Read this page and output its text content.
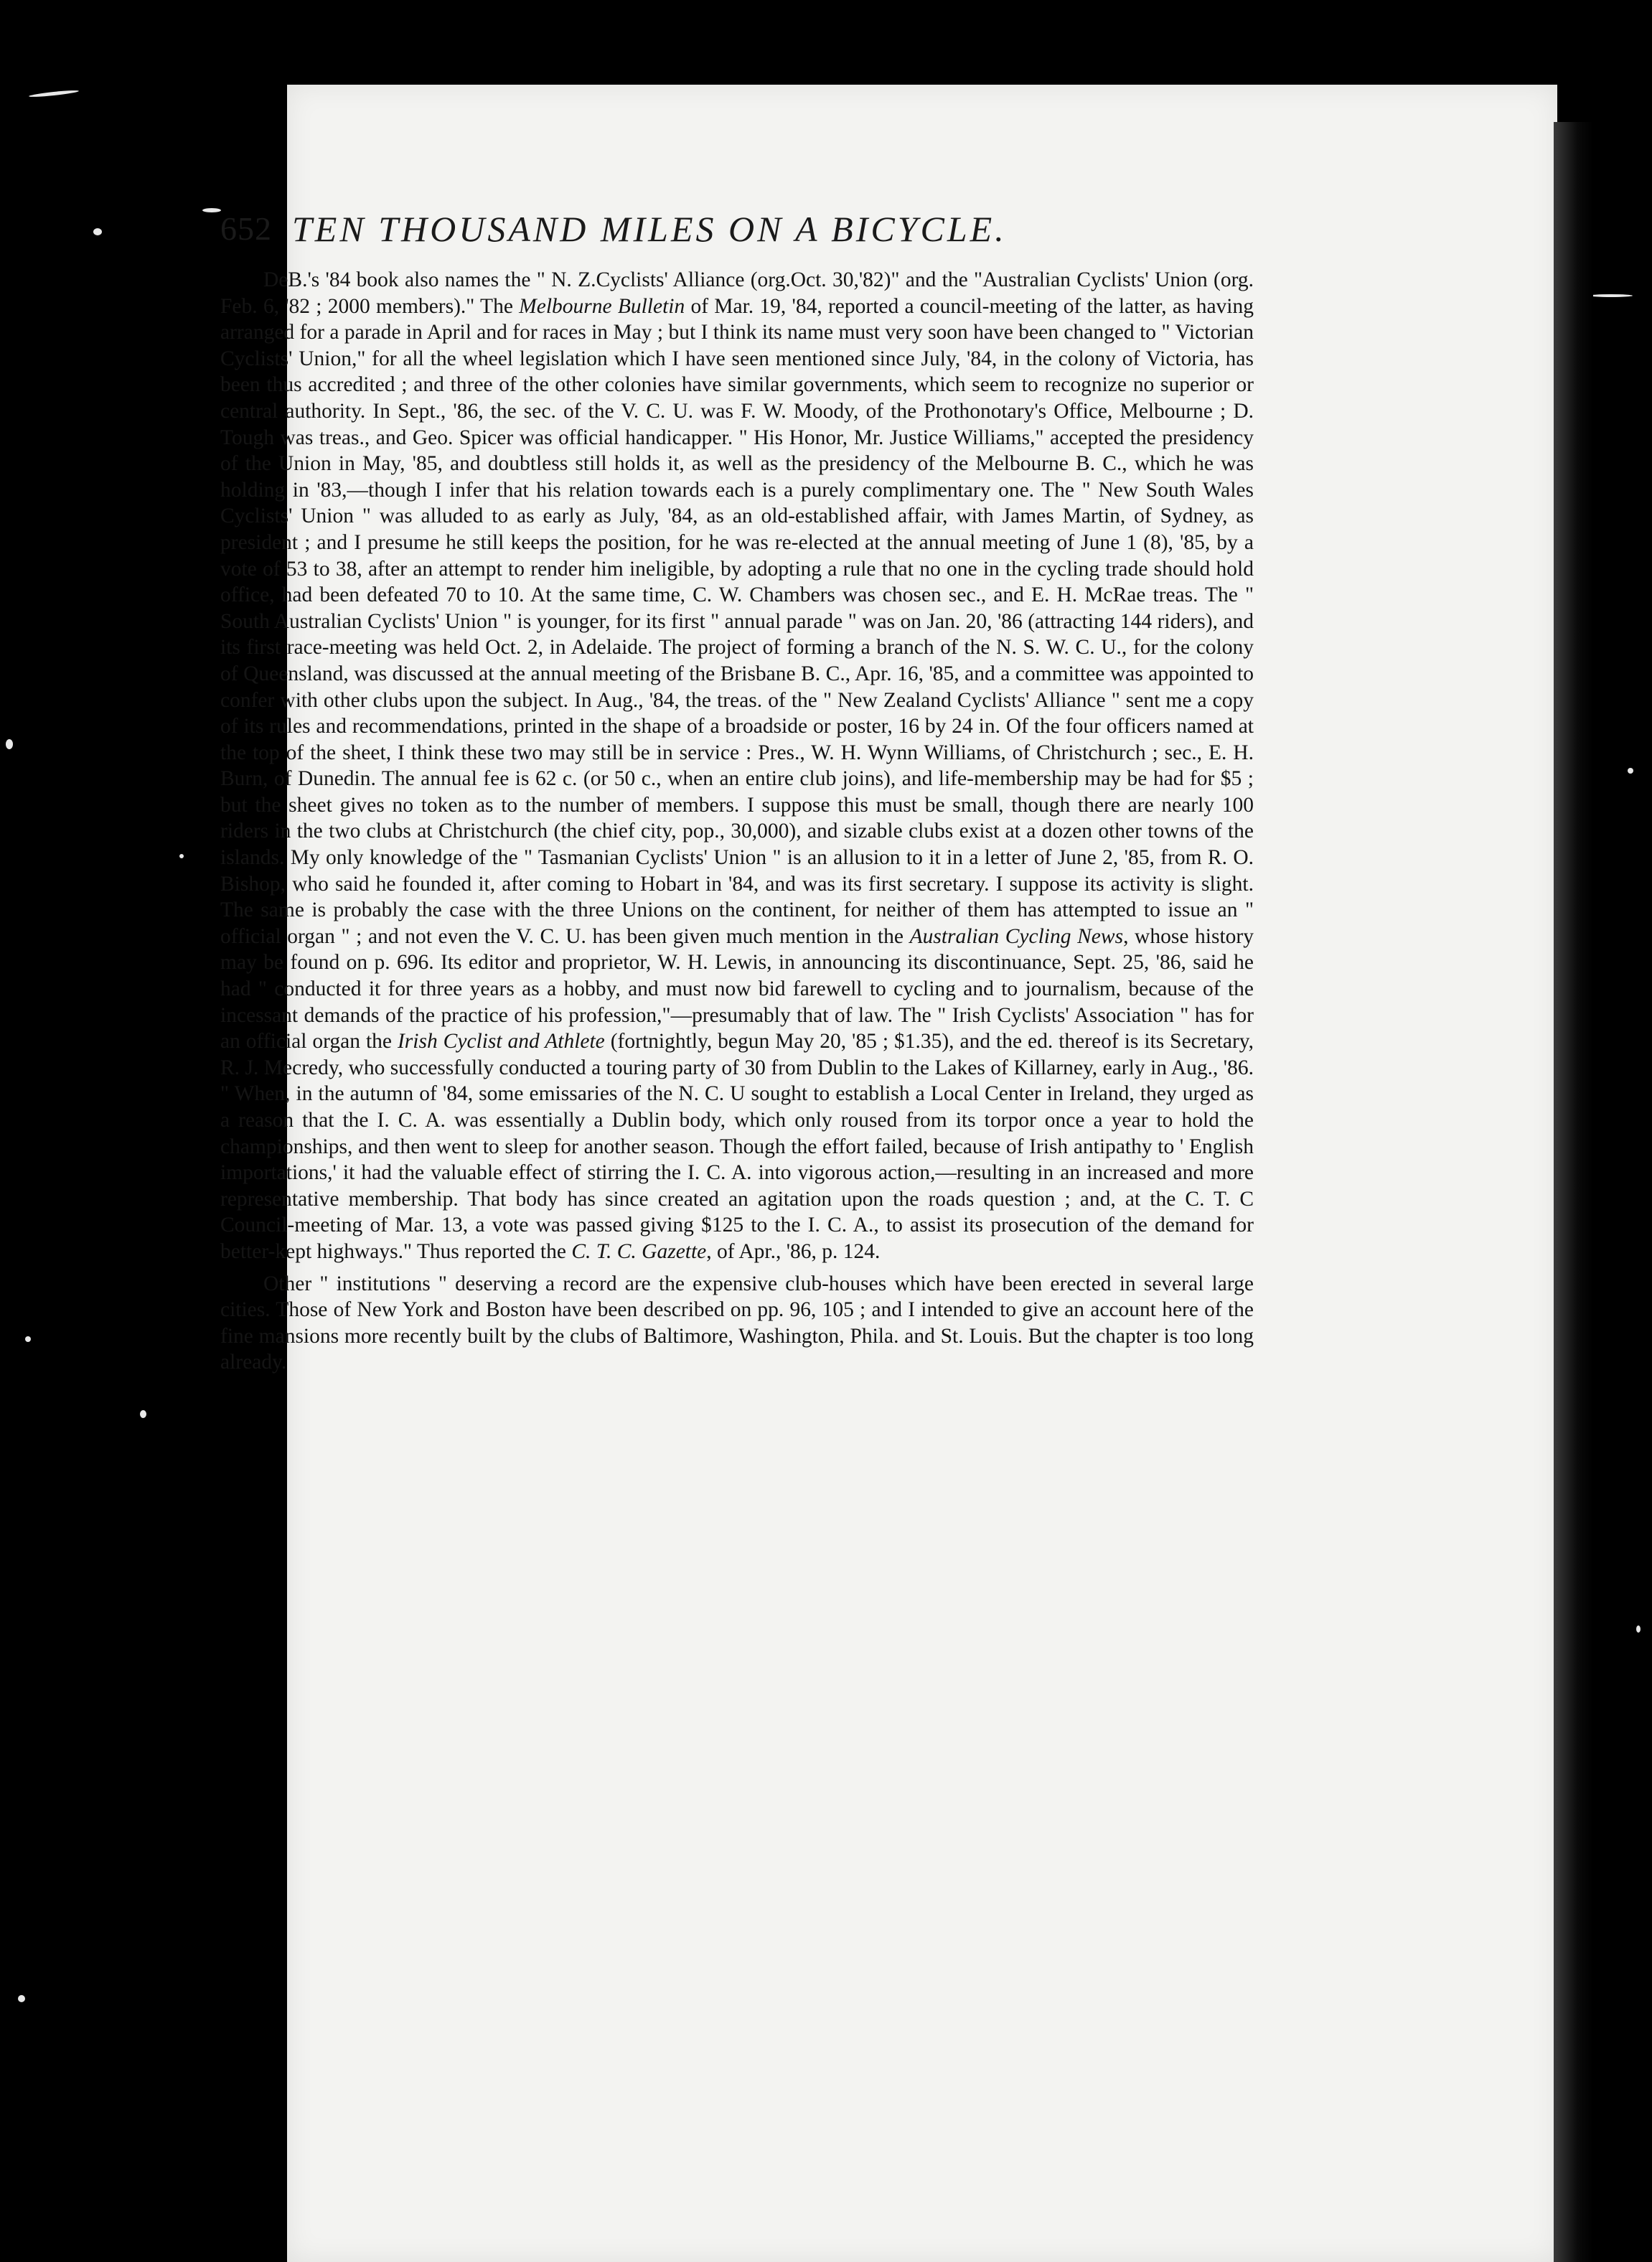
652 TEN THOUSAND MILES ON A BICYCLE.

DeB.'s '84 book also names the " N. Z.Cyclists' Alliance (org.Oct. 30,'82)" and the "Australian Cyclists' Union (org. Feb. 6, '82 ; 2000 members)." The Melbourne Bulletin of Mar. 19, '84, reported a council-meeting of the latter, as having arranged for a parade in April and for races in May ; but I think its name must very soon have been changed to " Victorian Cyclists' Union," for all the wheel legislation which I have seen mentioned since July, '84, in the colony of Victoria, has been thus accredited ; and three of the other colonies have similar governments, which seem to recognize no superior or central authority. In Sept., '86, the sec. of the V. C. U. was F. W. Moody, of the Prothonotary's Office, Melbourne ; D. Tough was treas., and Geo. Spicer was official handicapper. " His Honor, Mr. Justice Williams," accepted the presidency of the Union in May, '85, and doubtless still holds it, as well as the presidency of the Melbourne B. C., which he was holding in '83,—though I infer that his relation towards each is a purely complimentary one. The " New South Wales Cyclists' Union " was alluded to as early as July, '84, as an old-established affair, with James Martin, of Sydney, as president ; and I presume he still keeps the position, for he was re-elected at the annual meeting of June 1 (8), '85, by a vote of 53 to 38, after an attempt to render him ineligible, by adopting a rule that no one in the cycling trade should hold office, had been defeated 70 to 10. At the same time, C. W. Chambers was chosen sec., and E. H. McRae treas. The " South Australian Cyclists' Union " is younger, for its first " annual parade " was on Jan. 20, '86 (attracting 144 riders), and its first race-meeting was held Oct. 2, in Adelaide. The project of forming a branch of the N. S. W. C. U., for the colony of Queensland, was discussed at the annual meeting of the Brisbane B. C., Apr. 16, '85, and a committee was appointed to confer with other clubs upon the subject. In Aug., '84, the treas. of the " New Zealand Cyclists' Alliance " sent me a copy of its rules and recommendations, printed in the shape of a broadside or poster, 16 by 24 in. Of the four officers named at the top of the sheet, I think these two may still be in service : Pres., W. H. Wynn Williams, of Christchurch ; sec., E. H. Burn, of Dunedin. The annual fee is 62 c. (or 50 c., when an entire club joins), and life-membership may be had for $5 ; but the sheet gives no token as to the number of members. I suppose this must be small, though there are nearly 100 riders in the two clubs at Christchurch (the chief city, pop., 30,000), and sizable clubs exist at a dozen other towns of the islands. My only knowledge of the " Tasmanian Cyclists' Union " is an allusion to it in a letter of June 2, '85, from R. O. Bishop, who said he founded it, after coming to Hobart in '84, and was its first secretary. I suppose its activity is slight. The same is probably the case with the three Unions on the continent, for neither of them has attempted to issue an " official organ " ; and not even the V. C. U. has been given much mention in the Australian Cycling News, whose history may be found on p. 696. Its editor and proprietor, W. H. Lewis, in announcing its discontinuance, Sept. 25, '86, said he had " conducted it for three years as a hobby, and must now bid farewell to cycling and to journalism, because of the incessant demands of the practice of his profession,"—presumably that of law. The " Irish Cyclists' Association " has for an official organ the Irish Cyclist and Athlete (fortnightly, begun May 20, '85 ; $1.35), and the ed. thereof is its Secretary, R. J. Mecredy, who successfully conducted a touring party of 30 from Dublin to the Lakes of Killarney, early in Aug., '86. " When, in the autumn of '84, some emissaries of the N. C. U sought to establish a Local Center in Ireland, they urged as a reason that the I. C. A. was essentially a Dublin body, which only roused from its torpor once a year to hold the championships, and then went to sleep for another season. Though the effort failed, because of Irish antipathy to ' English importations,' it had the valuable effect of stirring the I. C. A. into vigorous action,—resulting in an increased and more representative membership. That body has since created an agitation upon the roads question ; and, at the C. T. C Council-meeting of Mar. 13, a vote was passed giving $125 to the I. C. A., to assist its prosecution of the demand for better-kept highways." Thus reported the C. T. C. Gazette, of Apr., '86, p. 124.

Other " institutions " deserving a record are the expensive club-houses which have been erected in several large cities. Those of New York and Boston have been described on pp. 96, 105 ; and I intended to give an account here of the fine mansions more recently built by the clubs of Baltimore, Washington, Phila. and St. Louis. But the chapter is too long already.
